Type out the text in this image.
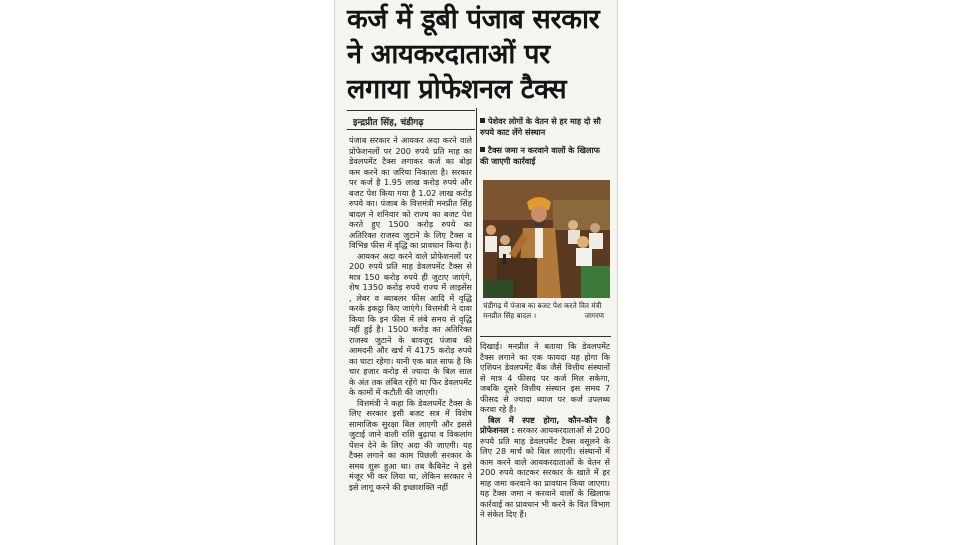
कर्ज में डूबी पंजाब सरकार
ने आयकरदाताओं पर
लगाया प्रोफेशनल टैक्स
इन्द्रप्रीत सिंह, चंडीगढ़	पेशेवर लोगों के वेतन से हर माह दो सौ रुपये काट लेंगे संस्थान
टैक्स जमा न करवाने वालों के खिलाफ की जाएगी कार्रवाई
चंडीगढ़ में पंजाब का बजट पेश करते वित मंत्री मनप्रीत सिंह बादल ।	जागरण

पंजाब सरकार ने आयकर अदा करने वाले प्रोफेशनलों पर 200 रुपये प्रति माह का डेवलपमेंट टैक्स लगाकर कर्ज का बोझ कम करने का जरिया निकाला है। सरकार पर कर्ज है 1.95 लाख करोड़ रुपये और बजट पेश किया गया है 1.02 लाख करोड़ रुपये का। पंजाब के वित्तमंत्री मनप्रीत सिंह बादल ने शनिवार को राज्य का बजट पेश करते हुए 1500 करोड़ रुपये का अतिरिक्त राजस्व जुटाने के लिए टैक्स व विभिन्न फीस में वृद्धि का प्रावधान किया है।

आयकर अदा करने वाले प्रोफेशनलों पर 200 रुपये प्रति माह डेवलपमेंट टैक्स से मात्र 150 करोड़ रुपये ही जुटाए जाएंगे, शेष 1350 करोड़ रुपये राज्य में लाइसेंस , लेबर व ब्याबलर फीस आदि में वृद्धि करके इकट्ठा किए जाएंगे। वित्तमंत्री ने दावा किया कि इन फीस में लंबे समय से वृद्धि नहीं हुई है। 1500 करोड़ का अतिरिक्त राजस्व जुटाने के बावजूद पंजाब की आमदनी और खर्च में 4175 करोड़ रुपये का घाटा रहेगा। यानी एक बात साफ है कि चार हजार करोड़ से ज्यादा के बिल साल के अंत तक लंबित रहेंगे या फिर डेवलपमेंट के कामों में कटौती की जाएगी।

वित्तमंत्री ने कहा कि डेवलपमेंट टैक्स के लिए सरकार इसी बजट सत्र में विशेष सामाजिक सुरक्षा बिल लाएगी और इससे जुटाई जाने वाली राशि बुढ़ापा व विकलांग पेंशन देने के लिए अदा की जाएगी। यह टैक्स लगाने का काम पिछली सरकार के समय शुरू हुआ था। तब कैबिनेट ने इसे मंजूर भी कर लिया था, लेकिन सरकार ने इसे लागू करने की इच्छाशक्ति नहीं

दिखाई। मनप्रीत ने बताया कि डेवलपमेंट टैक्स लगाने का एक फायदा यह होगा कि एशियन डेवलपमेंट बैंक जैसे वित्तीय संस्थानों से मात्र 4 फीसद पर कर्ज मिल सकेगा, जबकि दूसरे वित्तीय संस्थान इस समय 7 फीसद से ज्यादा ब्याज पर कर्ज उपलब्ध करवा रहे हैं।

बिल में स्पष्ट होगा, कौन-कौन है प्रोफेशनल : सरकार आयकरदाताओं से 200 रुपये प्रति माह डेवलपमेंट टैक्स वसूलने के लिए 28 मार्च को बिल लाएगी। संस्थानों में काम करने वाले आयकरदाताओं के वेतन से 200 रुपये काटकर सरकार के खाते में हर माह जमा करवाने का प्रावधान किया जाएगा। यह टैक्स जमा न करवाने वालों के खिलाफ कार्रवाई का प्रावधान भी करने के वित विभाग ने संकेत दिए हैं।
